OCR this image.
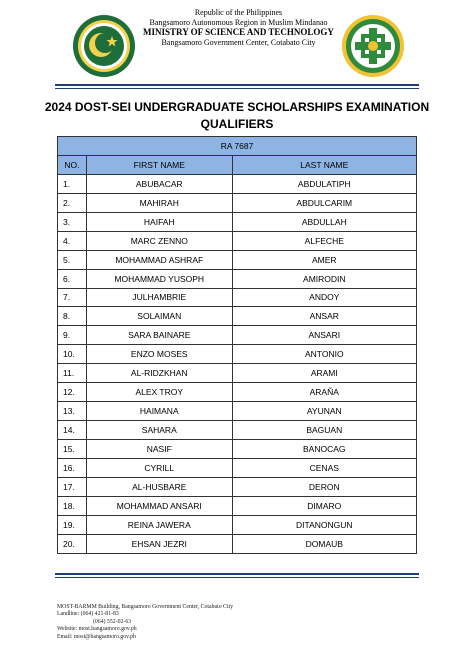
Republic of the Philippines
Bangsamoro Autonomous Region in Muslim Mindanao
MINISTRY OF SCIENCE AND TECHNOLOGY
Bangsamoro Government Center, Cotabato City
2024 DOST-SEI UNDERGRADUATE SCHOLARSHIPS EXAMINATION
QUALIFIERS
RA 7687		
NO.	FIRST NAME	LAST NAME
1.	ABUBACAR	ABDULATIPH
2.	MAHIRAH	ABDULCARIM
3.	HAIFAH	ABDULLAH
4.	MARC ZENNO	ALFECHE
5.	MOHAMMAD ASHRAF	AMER
6.	MOHAMMAD YUSOPH	AMIRODIN
7.	JULHAMBRIE	ANDOY
8.	SOLAIMAN	ANSAR
9.	SARA BAINARE	ANSARI
10.	ENZO MOSES	ANTONIO
11.	AL-RIDZKHAN	ARAMI
12.	ALEX TROY	ARAÑA
13.	HAIMANA	AYUNAN
14.	SAHARA	BAGUAN
15.	NASIF	BANOCAG
16.	CYRILL	CENAS
17.	AL-HUSBARE	DERON
18.	MOHAMMAD ANSARI	DIMARO
19.	REINA JAWERA	DITANONGUN
20.	EHSAN JEZRI	DOMAUB
MOST-BARMM Building, Bangsamoro Government Center, Cotabato City
Landline: (064) 421-81-83
(064) 552-02-63
Website: most.bangsamoro.gov.ph
Email: most@bangsamoro.gov.ph
